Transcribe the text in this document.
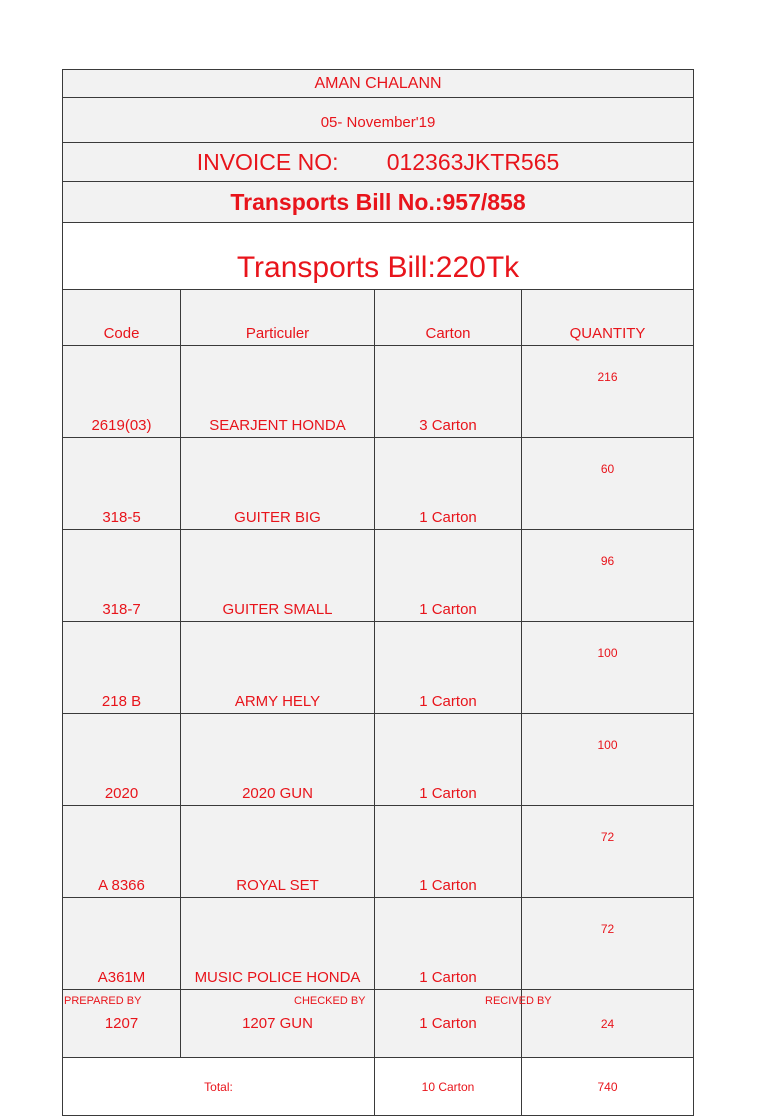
AMAN CHALANN			
05- November'19			
INVOICE NO: 012363JKTR565			
Transports Bill No.:957/858			
Transports Bill:220Tk			
Code	Particuler	Carton	QUANTITY
2619(03)	SEARJENT HONDA	3 Carton	216
318-5	GUITER BIG	1 Carton	60
318-7	GUITER SMALL	1 Carton	96
218 B	ARMY HELY	1 Carton	100
2020	2020 GUN	1 Carton	100
A 8366	ROYAL SET	1 Carton	72
A361M	MUSIC POLICE HONDA	1 Carton	72
1207	1207 GUN	1 Carton	24
Total:		10 Carton	740
PREPARED BY	CHECKED BY	RECIVED BY
